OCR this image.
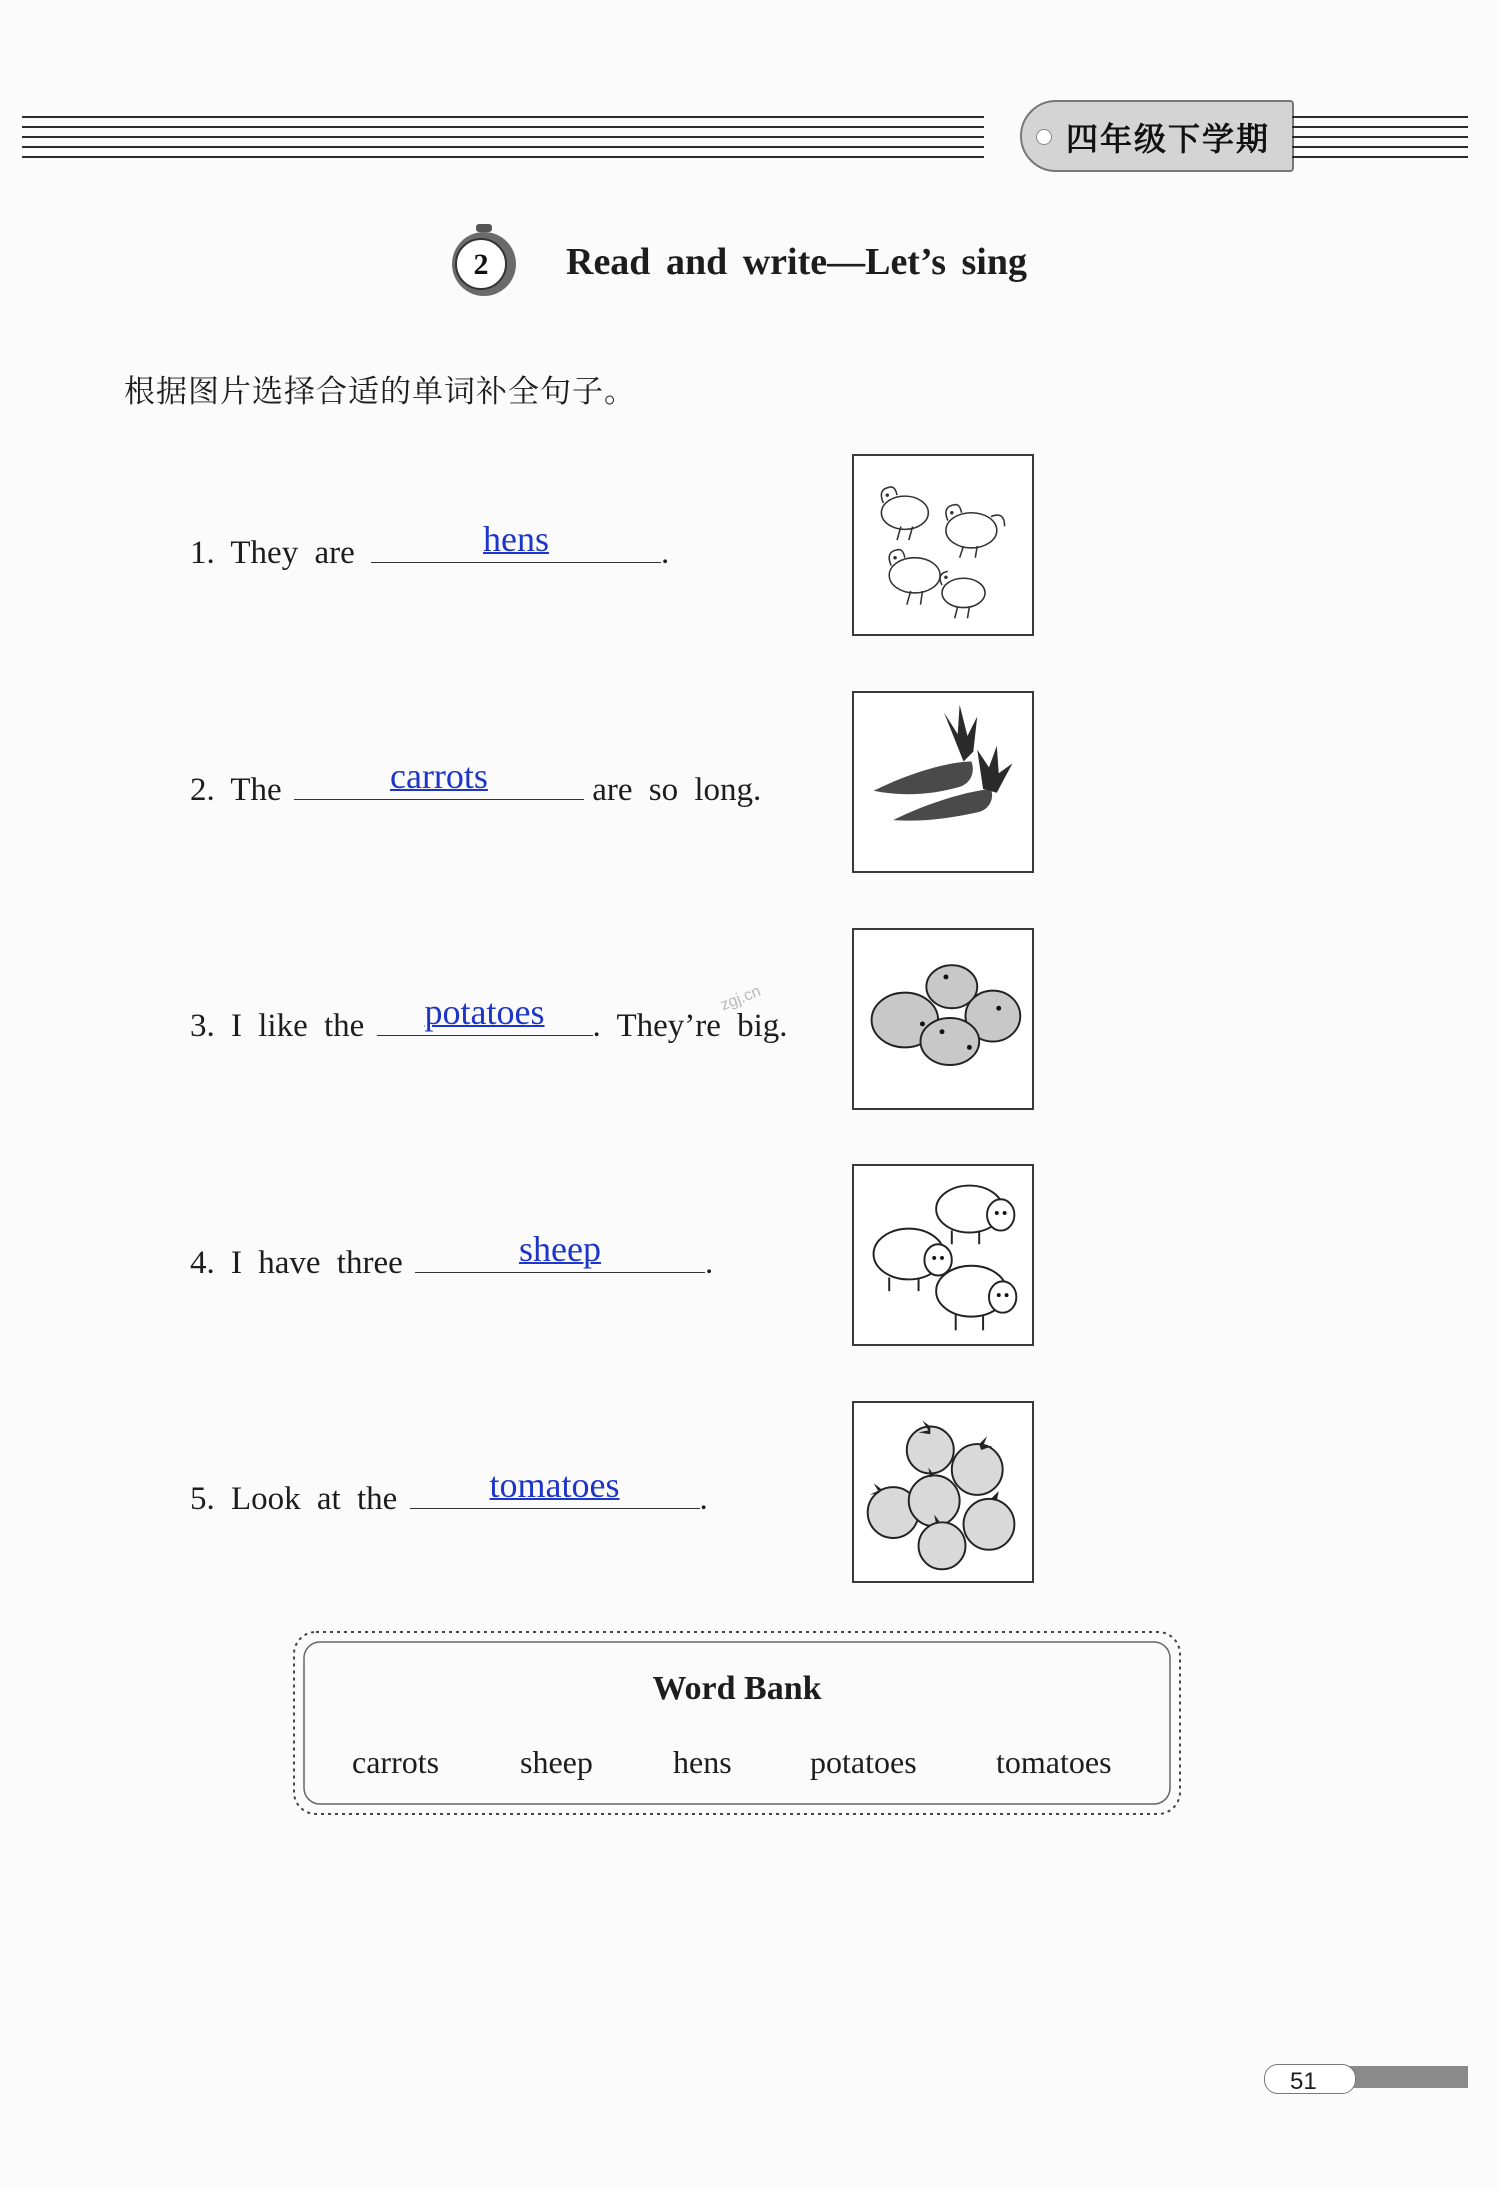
四年级下学期
2 Read and write—Let’s sing
根据图片选择合适的单词补全句子。
1. They are	hens	.
2. The	carrots	are so long.
3. I like the	potatoes	. They’re big.
zgj.cn
4. I have three	sheep	.
5. Look at the	tomatoes	.
Word Bank
carrots	sheep	hens potatoes tomatoes
51
